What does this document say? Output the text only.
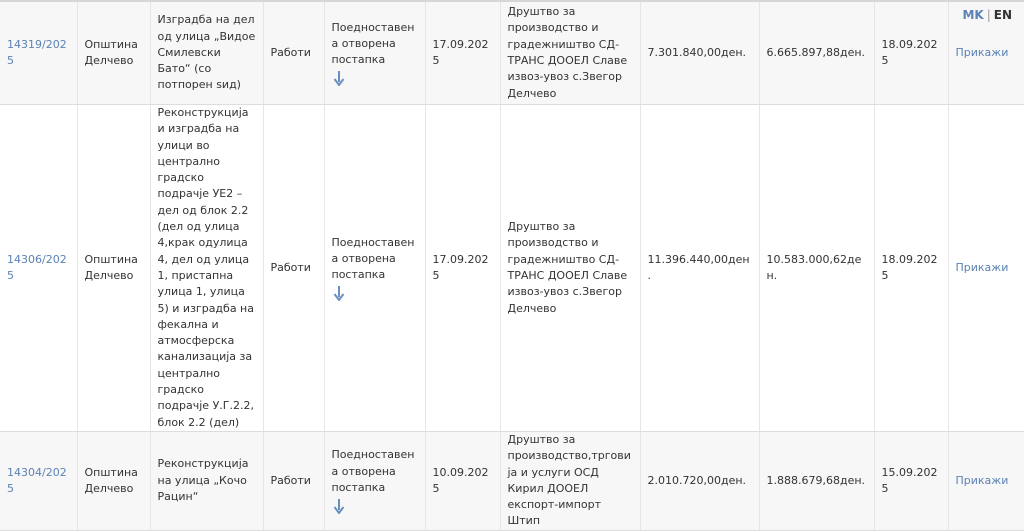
14319/2025	Општина Делчево	Изградба на дел од улица „Видое Смилевски Бато“ (со потпорен sид)	Работи	Поедноставена отворена постапка	17.09.2025	Друштво за производство и градежништво СД-ТРАНС ДООЕЛ Славе извоз-увоз с.Звегор Делчево	7.301.840,00ден.	6.665.897,88ден.	18.09.2025	Прикажи
14306/2025	Општина Делчево	Реконструкција и изградба на улици во централно градско подрачје УЕ2 – дел од блок 2.2 (дел од улица 4,крак одулица 4, дел од улица 1, пристапна улица 1, улица 5) и изградба на фекална и атмосферска канализација за централно градско подрачје У.Г.2.2, блок 2.2 (дел)	Работи	Поедноставена отворена постапка	17.09.2025	Друштво за производство и градежништво СД-ТРАНС ДООЕЛ Славе извоз-увоз с.Звегор Делчево	11.396.440,00ден.	10.583.000,62ден.	18.09.2025	Прикажи
14304/2025	Општина Делчево	Реконструкција на улица „Кочо Рацин“	Работи	Поедноставена отворена постапка	10.09.2025	Друштво за производство,трговија и услуги ОСД Кирил ДООЕЛ експорт-импорт Штип	2.010.720,00ден.	1.888.679,68ден.	15.09.2025	Прикажи
MK | EN
